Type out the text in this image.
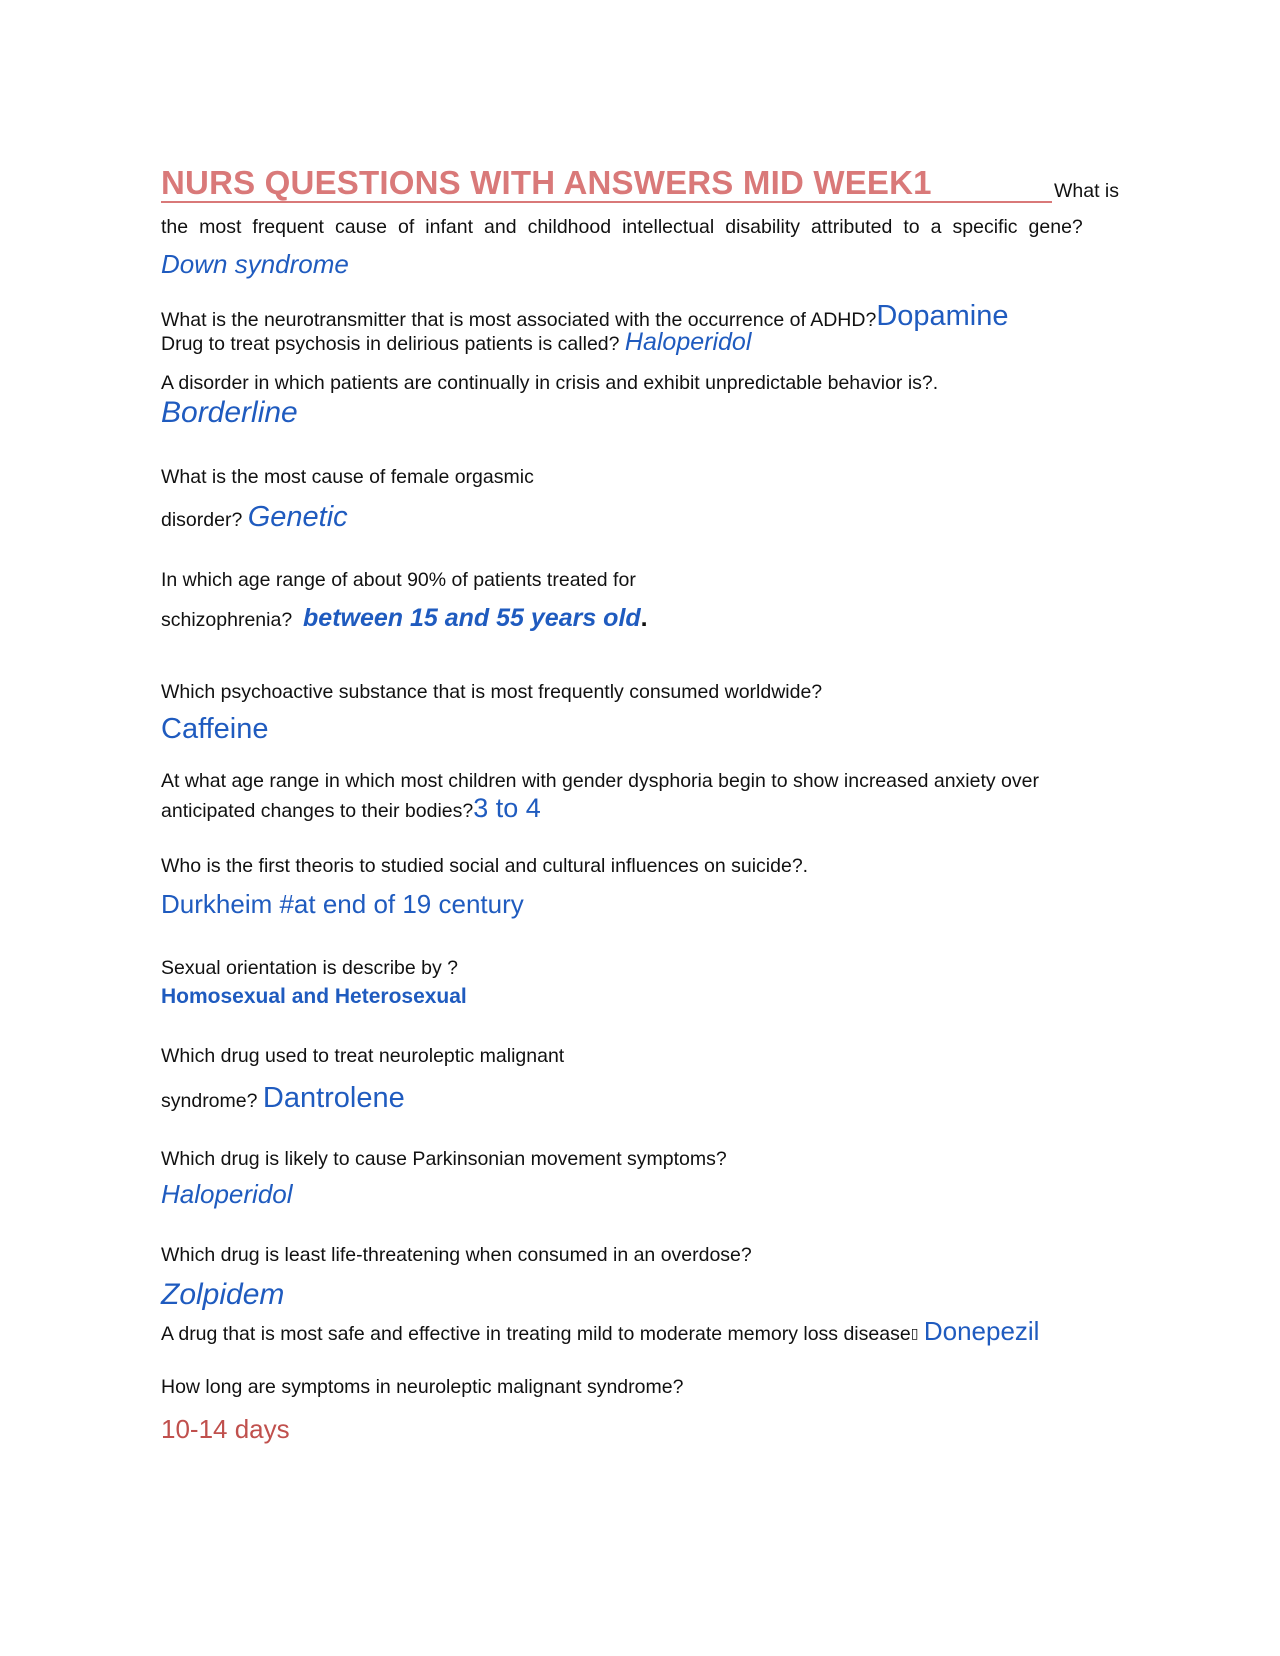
NURS QUESTIONS WITH ANSWERS MID WEEK1	What is
the most frequent cause of infant and childhood intellectual disability attributed to a specific gene?
Down syndrome
What is the neurotransmitter that is most associated with the occurrence of ADHD?Dopamine
Drug to treat psychosis in delirious patients is called? Haloperidol
A disorder in which patients are continually in crisis and exhibit unpredictable behavior is?.
Borderline
What is the most cause of female orgasmic
disorder? Genetic
In which age range of about 90% of patients treated for
schizophrenia? between 15 and 55 years old.
Which psychoactive substance that is most frequently consumed worldwide?
Caffeine
At what age range in which most children with gender dysphoria begin to show increased anxiety over
anticipated changes to their bodies?3 to 4
Who is the first theoris to studied social and cultural influences on suicide?.
Durkheim #at end of 19 century
Sexual orientation is describe by ?
Homosexual and Heterosexual
Which drug used to treat neuroleptic malignant
syndrome? Dantrolene
Which drug is likely to cause Parkinsonian movement symptoms?
Haloperidol
Which drug is least life-threatening when consumed in an overdose?
Zolpidem
A drug that is most safe and effective in treating mild to moderate memory loss disease▯ Donepezil
How long are symptoms in neuroleptic malignant syndrome?
10-14 days
